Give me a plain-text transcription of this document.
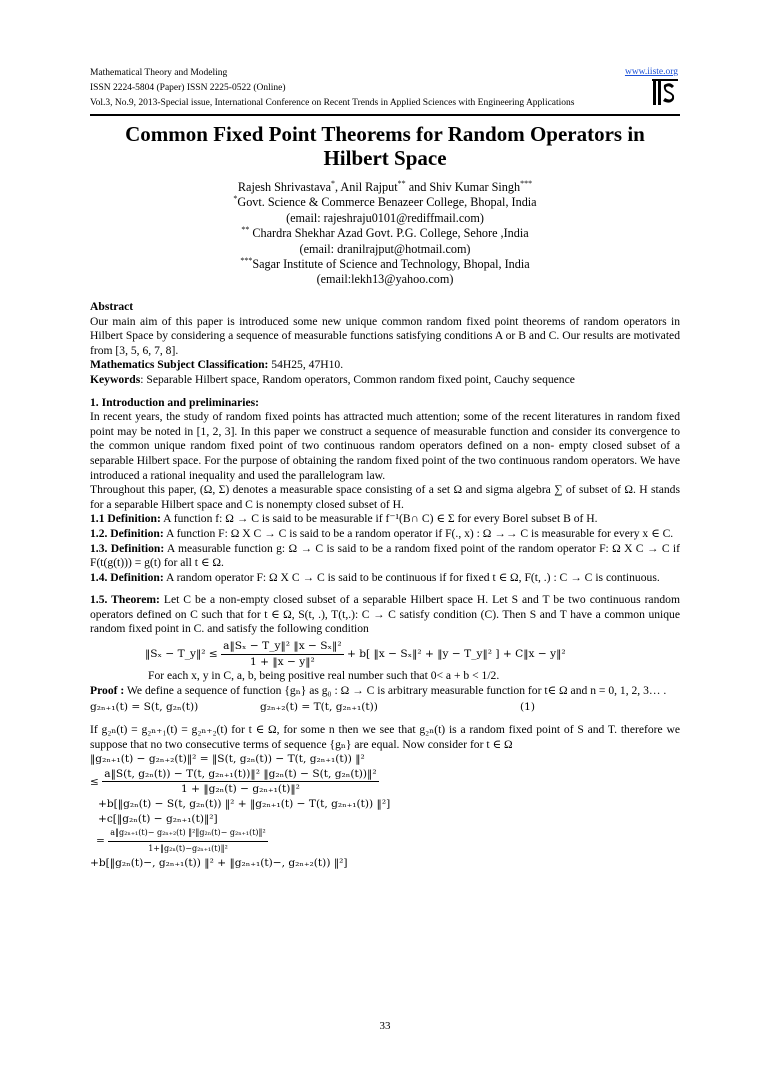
Mathematical Theory and Modeling
ISSN 2224-5804 (Paper) ISSN 2225-0522 (Online)
Vol.3, No.9, 2013-Special issue, International Conference on Recent Trends in Applied Sciences with Engineering Applications
www.iiste.org
Common Fixed Point Theorems for Random Operators in
Hilbert Space
Rajesh Shrivastava*, Anil Rajput** and Shiv Kumar Singh***
*Govt. Science & Commerce Benazeer College, Bhopal, India
(email: rajeshraju0101@rediffmail.com)
** Chardra Shekhar Azad Govt. P.G. College, Sehore ,India
(email: dranilrajput@hotmail.com)
***Sagar Institute of Science and Technology, Bhopal, India
(email:lekh13@yahoo.com)

Abstract

Our main aim of this paper is introduced some new unique common random fixed point theorems of random operators in Hilbert Space by considering a sequence of measurable functions satisfying conditions A or B and C. Our results are motivated from [3, 5, 6, 7, 8].

Mathematics Subject Classification: 54H25, 47H10.

Keywords: Separable Hilbert space, Random operators, Common random fixed point, Cauchy sequence

1. Introduction and preliminaries:

In recent years, the study of random fixed points has attracted much attention; some of the recent literatures in random fixed point may be noted in [1, 2, 3]. In this paper we construct a sequence of measurable function and consider its convergence to the common unique random fixed point of two continuous random operators defined on a non- empty closed subset of a separable Hilbert space. For the purpose of obtaining the random fixed point of the two continuous random operators. We have introduced a rational inequality and used the parallelogram law.

Throughout this paper, (Ω, Σ) denotes a measurable space consisting of a set Ω and sigma algebra ∑ of subset of Ω. H stands for a separable Hilbert space and C is nonempty closed subset of H.

1.1 Definition: A function f: Ω → C is said to be measurable if f⁻¹(B∩ C) ∈ Σ for every Borel subset B of H.

1.2. Definition: A function F: Ω X C → C is said to be a random operator if F(., x) : Ω →→ C is measurable for every x ∈ C.

1.3. Definition: A measurable function g: Ω → C is said to be a random fixed point of the random operator F: Ω X C → C if F(t(g(t))) = g(t) for all t ∈ Ω.

1.4. Definition: A random operator F: Ω X C → C is said to be continuous if for fixed t ∈ Ω, F(t, .) : C → C is continuous.

1.5. Theorem: Let C be a non-empty closed subset of a separable Hilbert space H. Let S and T be two continuous random operators defined on C such that for t ∈ Ω, S(t, .), T(t,.): C → C satisfy condition (C). Then S and T have a common unique random fixed point in C. and satisfy the following condition

‖Sₓ − T_y‖² ≤ $\frac{\text{a‖Sₓ − T\_y‖² ‖x − Sₓ‖²}}{\text{1 + ‖x − y‖²}} + b$[ ‖x − Sₓ‖² + ‖y − T_y‖² ] + C‖x − y‖²

For each x, y in C, a, b, being positive real number such that 0< a + b < 1/2.

Proof : We define a sequence of function {gₙ} as g₀ : Ω → C is arbitrary measurable function for t∈ Ω and n = 0, 1, 2, 3… .

g₂ₙ₊₁(t) = S(t, g₂ₙ(t))	g₂ₙ₊₂(t) = T(t, g₂ₙ₊₁(t))	(1)

If g₂ₙ(t) = g₂ₙ₊₁(t) = g₂ₙ₊₂(t) for t ∈ Ω, for some n then we see that g₂ₙ(t) is a random fixed point of S and T. therefore we suppose that no two consecutive terms of sequence {gₙ} are equal. Now consider for t ∈ Ω

‖g₂ₙ₊₁(t) − g₂ₙ₊₂(t)‖² = ‖S(t, g₂ₙ(t)) − T(t, g₂ₙ₊₁(t)) ‖²
≤ $\frac{\text{a‖S(t, g₂ₙ(t)) − T(t, g₂ₙ₊₁(t))‖² ‖g₂ₙ(t) − S(t, g₂ₙ(t))‖²}}{\text{1 + ‖g₂ₙ(t) − g₂ₙ₊₁(t)‖²}}$
+b[‖g₂ₙ(t) − S(t, g₂ₙ(t)) ‖² + ‖g₂ₙ₊₁(t) − T(t, g₂ₙ₊₁(t)) ‖²]
+c[‖g₂ₙ(t) − g₂ₙ₊₁(t)‖²]
= $\frac{\text{a‖g₂ₙ₊₁(t)− g₂ₙ₊₂(t) ‖²‖g₂ₙ(t)− g₂ₙ₊₁(t)‖²}}{\text{1+‖g₂ₙ(t)−g₂ₙ₊₁(t)‖²}}$
+b[‖g₂ₙ(t)−, g₂ₙ₊₁(t)) ‖² + ‖g₂ₙ₊₁(t)−, g₂ₙ₊₂(t)) ‖²]
33
